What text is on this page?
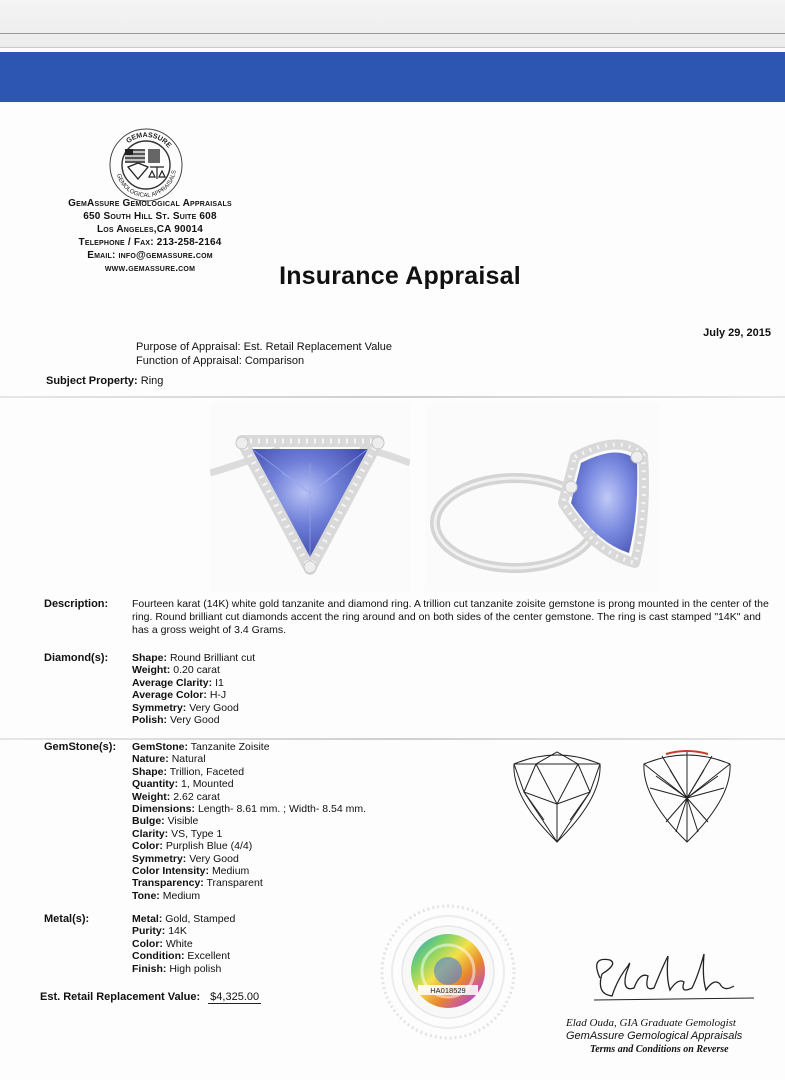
GEMASSURE
GEMOLOGICAL APPRAISALS
GemAssure Gemological Appraisals
650 South Hill St. Suite 608
Los Angeles,CA 90014
Telephone / Fax: 213-258-2164
Email: info@gemassure.com
www.gemassure.com	Insurance Appraisal
July 29, 2015
Purpose of Appraisal: Est. Retail Replacement Value
Function of Appraisal: Comparison
Subject Property: Ring
Description: Fourteen karat (14K) white gold tanzanite and diamond ring. A trillion cut tanzanite zoisite gemstone is prong mounted in the center of the ring. Round brilliant cut diamonds accent the ring around and on both sides of the center gemstone. The ring is cast stamped "14K" and has a gross weight of 3.4 Grams.
Diamond(s): Shape: Round Brilliant cut
Weight: 0.20 carat
Average Clarity: I1
Average Color: H-J
Symmetry: Very Good
Polish: Very Good
GemStone(s): GemStone: Tanzanite Zoisite
Nature: Natural
Shape: Trillion, Faceted
Quantity: 1, Mounted
Weight: 2.62 carat
Dimensions: Length- 8.61 mm. ; Width- 8.54 mm.
Bulge: Visible
Clarity: VS, Type 1
Color: Purplish Blue (4/4)
Symmetry: Very Good
Color Intensity: Medium
Transparency: Transparent
Tone: Medium
Metal(s):	Metal: Gold, Stamped
Purity: 14K
Color: White
Condition: Excellent
Finish: High polish
HA018529
Est. Retail Replacement Value: $4,325.00
Elad Ouda, GIA Graduate Gemologist
GemAssure Gemological Appraisals
Terms and Conditions on Reverse
